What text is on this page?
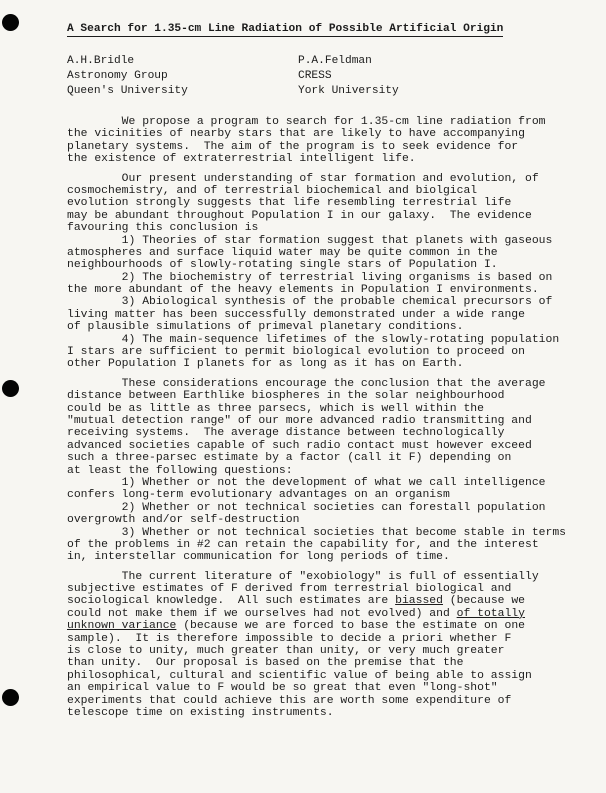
A Search for 1.35-cm Line Radiation of Possible Artificial Origin
A.H.Bridle
Astronomy Group
Queen's University
P.A.Feldman
CRESS
York University
We propose a program to search for 1.35-cm line radiation from
the vicinities of nearby stars that are likely to have accompanying
planetary systems.  The aim of the program is to seek evidence for
the existence of extraterrestrial intelligent life.
Our present understanding of star formation and evolution, of
cosmochemistry, and of terrestrial biochemical and biolgical
evolution strongly suggests that life resembling terrestrial life
may be abundant throughout Population I in our galaxy.  The evidence
favouring this conclusion is
1) Theories of star formation suggest that planets with gaseous
atmospheres and surface liquid water may be quite common in the
neighbourhoods of slowly-rotating single stars of Population I.
2) The biochemistry of terrestrial living organisms is based on
the more abundant of the heavy elements in Population I environments.
3) Abiological synthesis of the probable chemical precursors of
living matter has been successfully demonstrated under a wide range
of plausible simulations of primeval planetary conditions.
4) The main-sequence lifetimes of the slowly-rotating population
I stars are sufficient to permit biological evolution to proceed on
other Population I planets for as long as it has on Earth.
These considerations encourage the conclusion that the average
distance between Earthlike biospheres in the solar neighbourhood
could be as little as three parsecs, which is well within the
"mutual detection range" of our more advanced radio transmitting and
receiving systems.  The average distance between technologically
advanced societies capable of such radio contact must however exceed
such a three-parsec estimate by a factor (call it F) depending on
at least the following questions:
1) Whether or not the development of what we call intelligence
confers long-term evolutionary advantages on an organism
2) Whether or not technical societies can forestall population
overgrowth and/or self-destruction
3) Whether or not technical societies that become stable in terms
of the problems in #2 can retain the capability for, and the interest
in, interstellar communication for long periods of time.
The current literature of "exobiology" is full of essentially
subjective estimates of F derived from terrestrial biological and
sociological knowledge.  All such estimates are biassed (because we
could not make them if we ourselves had not evolved) and of totally
unknown variance (because we are forced to base the estimate on one
sample).  It is therefore impossible to decide a priori whether F
is close to unity, much greater than unity, or very much greater
than unity.  Our proposal is based on the premise that the
philosophical, cultural and scientific value of being able to assign
an empirical value to F would be so great that even "long-shot"
experiments that could achieve this are worth some expenditure of
telescope time on existing instruments.
